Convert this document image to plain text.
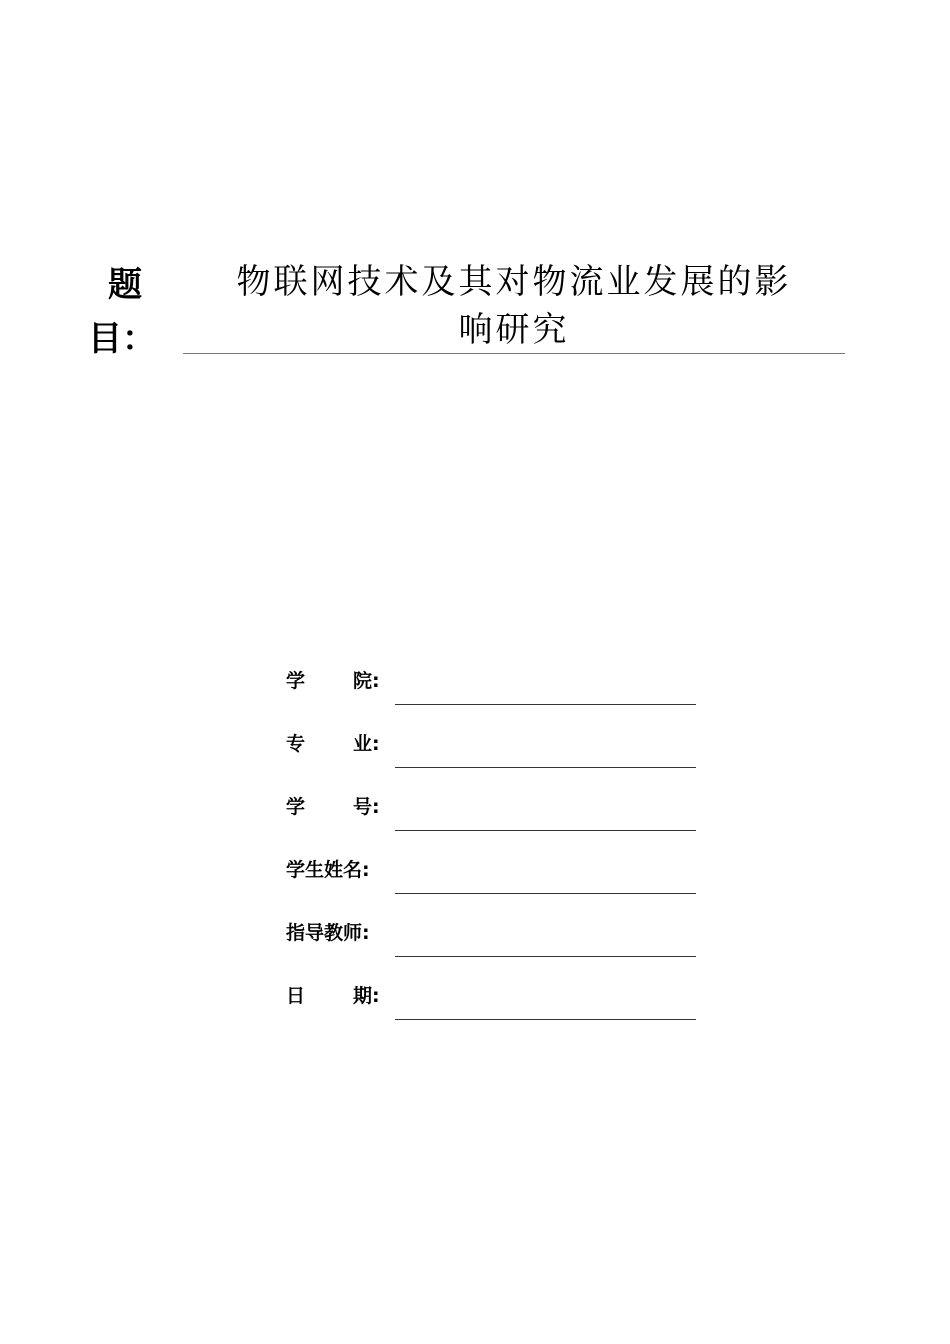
题
目：
物联网技术及其对物流业发展的影
响研究
学	院:
专	业:
学	号:
学生姓名:
指导教师:
日	期:
